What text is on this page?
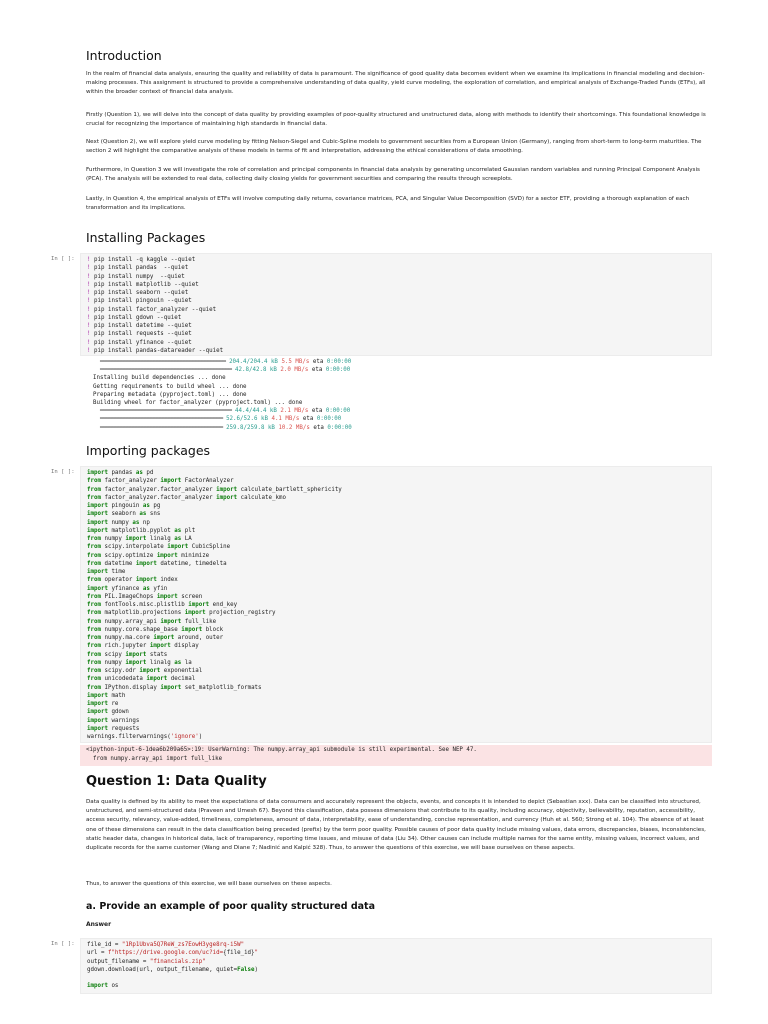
Introduction

In the realm of financial data analysis, ensuring the quality and reliability of data is paramount. The significance of good quality data becomes evident when we examine its implications in financial modeling and decision-making processes. This assignment is structured to provide a comprehensive understanding of data quality, yield curve modeling, the exploration of correlation, and empirical analysis of Exchange-Traded Funds (ETFs), all within the broader context of financial data analysis.

Firstly (Question 1), we will delve into the concept of data quality by providing examples of poor-quality structured and unstructured data, along with methods to identify their shortcomings. This foundational knowledge is crucial for recognizing the importance of maintaining high standards in financial data.

Next (Question 2), we will explore yield curve modeling by fitting Nelson-Siegel and Cubic-Spline models to government securities from a European Union (Germany), ranging from short-term to long-term maturities. The section 2 will highlight the comparative analysis of these models in terms of fit and interpretation, addressing the ethical considerations of data smoothing.

Furthermore, in Question 3 we will investigate the role of correlation and principal components in financial data analysis by generating uncorrelated Gaussian random variables and running Principal Component Analysis (PCA). The analysis will be extended to real data, collecting daily closing yields for government securities and comparing the results through screeplots.

Lastly, in Question 4, the empirical analysis of ETFs will involve computing daily returns, covariance matrices, PCA, and Singular Value Decomposition (SVD) for a sector ETF, providing a thorough explanation of each transformation and its implications.

Installing Packages
In [ ]: ! pip install -q kaggle --quiet
! pip install pandas  --quiet
! pip install numpy  --quiet
! pip install matplotlib --quiet
! pip install seaborn --quiet
! pip install pingouin --quiet
! pip install factor_analyzer --quiet
! pip install gdown --quiet
! pip install datetime --quiet
! pip install requests --quiet
! pip install yfinance --quiet
! pip install pandas-datareader --quiet
━━━━━━━━━━━━━━━━━━━━━━━━━━━━━━━━━━━━━━━━━━ 204.4/204.4 kB 5.5 MB/s eta 0:00:00
━━━━━━━━━━━━━━━━━━━━━━━━━━━━━━━━━━━━━━━━━━━━ 42.8/42.8 kB 2.0 MB/s eta 0:00:00
Installing build dependencies ... done
Getting requirements to build wheel ... done
Preparing metadata (pyproject.toml) ... done
Building wheel for factor_analyzer (pyproject.toml) ... done
━━━━━━━━━━━━━━━━━━━━━━━━━━━━━━━━━━━━━━━━━━━━ 44.4/44.4 kB 2.1 MB/s eta 0:00:00
━━━━━━━━━━━━━━━━━━━━━━━━━━━━━━━━━━━━━━━━━ 52.6/52.6 kB 4.1 MB/s eta 0:00:00
━━━━━━━━━━━━━━━━━━━━━━━━━━━━━━━━━━━━━━━━━ 259.8/259.8 kB 10.2 MB/s eta 0:00:00
Importing packages
In [ ]: import pandas as pd
from factor_analyzer import FactorAnalyzer
from factor_analyzer.factor_analyzer import calculate_bartlett_sphericity
from factor_analyzer.factor_analyzer import calculate_kmo
import pingouin as pg
import seaborn as sns
import numpy as np
import matplotlib.pyplot as plt
from numpy import linalg as LA
from scipy.interpolate import CubicSpline
from scipy.optimize import minimize
from datetime import datetime, timedelta
import time
from operator import index
import yfinance as yfin
from PIL.ImageChops import screen
from fontTools.misc.plistlib import end_key
from matplotlib.projections import projection_registry
from numpy.array_api import full_like
from numpy.core.shape_base import block
from numpy.ma.core import around, outer
from rich.jupyter import display
from scipy import stats
from numpy import linalg as la
from scipy.odr import exponential
from unicodedata import decimal
from IPython.display import set_matplotlib_formats
import math
import re
import gdown
import warnings
import requests
warnings.filterwarnings('ignore')
<ipython-input-6-1dea6b209a65>:19: UserWarning: The numpy.array_api submodule is still experimental. See NEP 47.
from numpy.array_api import full_like
Question 1: Data Quality

Data quality is defined by its ability to meet the expectations of data consumers and accurately represent the objects, events, and concepts it is intended to depict (Sebastian xxx). Data can be classified into structured, unstructured, and semi-structured data (Praveen and Umesh 67). Beyond this classification, data possess dimensions that contribute to its quality, including accuracy, objectivity, believability, reputation, accessibility, access security, relevancy, value-added, timeliness, completeness, amount of data, interpretability, ease of understanding, concise representation, and currency (Huh et al. 560; Strong et al. 104). The absence of at least one of these dimensions can result in the data classification being preceded (prefix) by the term poor quality. Possible causes of poor data quality include missing values, data errors, discrepancies, biases, inconsistencies, static header data, changes in historical data, lack of transparency, reporting time issues, and misuse of data (Liu 34). Other causes can include multiple names for the same entity, missing values, incorrect values, and duplicate records for the same customer (Wang and Diane 7; Nadinić and Kalpić 328). Thus, to answer the questions of this exercise, we will base ourselves on these aspects.

Thus, to answer the questions of this exercise, we will base ourselves on these aspects.

a. Provide an example of poor quality structured data
Answer
In [ ]: file_id = "1Rp1Ubva5Q7ReW_zs7EowH3yge8rq-i5W"
url = f"https://drive.google.com/uc?id={file_id}"
output_filename = "financials.zip"
gdown.download(url, output_filename, quiet=False)

import os
